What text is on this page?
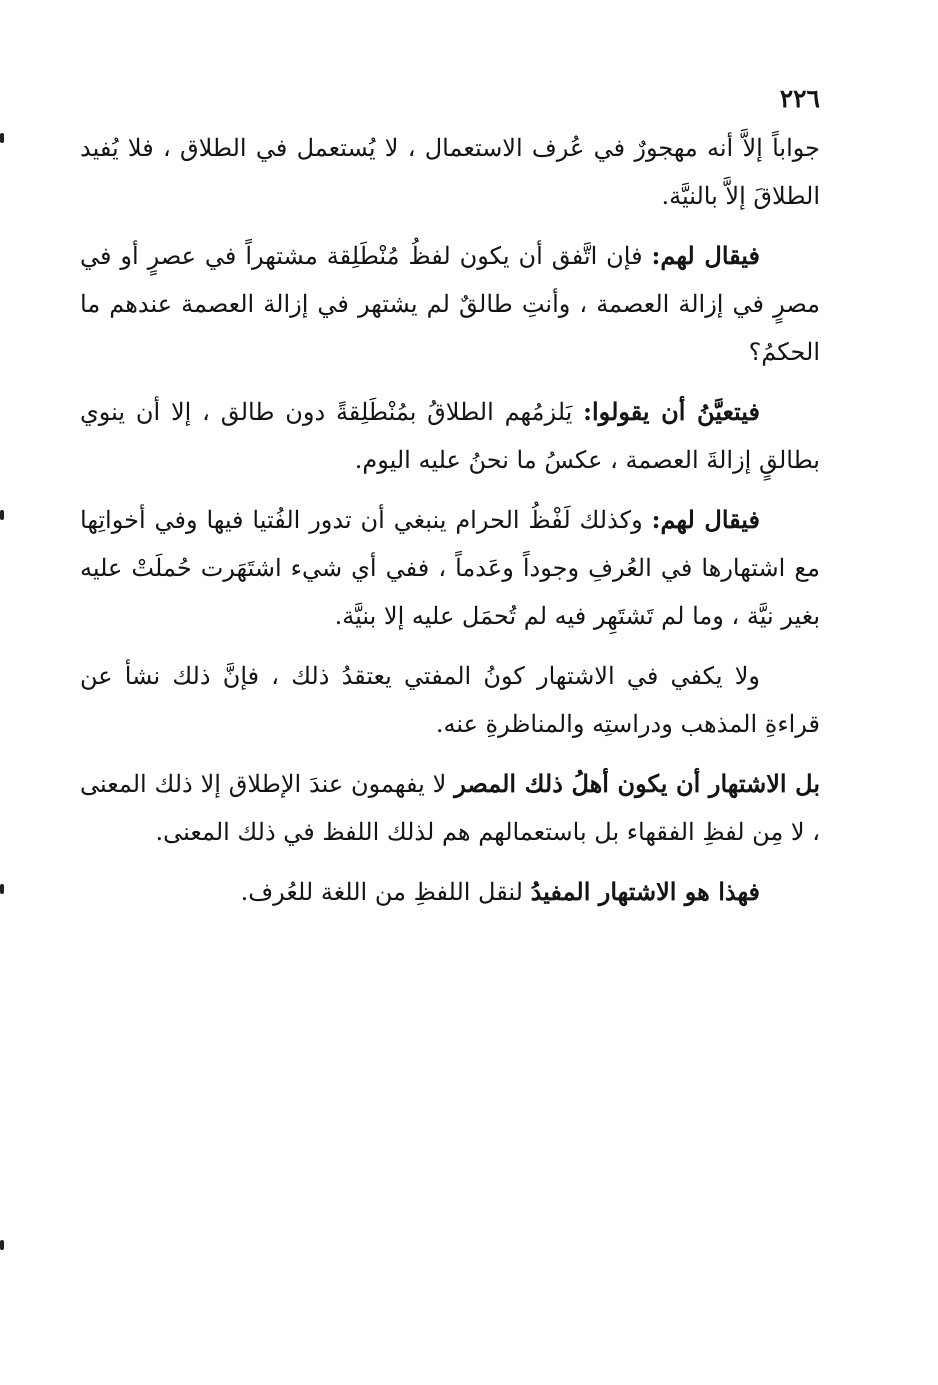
٢٢٦

جواباً إلاَّ أنه مهجورٌ في عُرف الاستعمال ، لا يُستعمل في الطلاق ، فلا يُفيد الطلاقَ إلاَّ بالنيَّة.

فيقال لهم: فإن اتَّفق أن يكون لفظُ مُنْطَلِقة مشتهراً في عصرٍ أو في مصرٍ في إزالة العصمة ، وأنتِ طالقٌ لم يشتهر في إزالة العصمة عندهم ما الحكمُ؟

فيتعيَّنُ أن يقولوا: يَلزمُهم الطلاقُ بمُنْطَلِقةً دون طالق ، إلا أن ينوي بطالقٍ إزالةَ العصمة ، عكسُ ما نحنُ عليه اليوم.

فيقال لهم: وكذلك لَفْظُ الحرام ينبغي أن تدور الفُتيا فيها وفي أخواتِها مع اشتهارها في العُرفِ وجوداً وعَدماً ، ففي أي شيء اشتَهَرت حُملَتْ عليه بغير نيَّة ، وما لم تَشتَهِر فيه لم تُحمَل عليه إلا بنيَّة.

ولا يكفي في الاشتهار كونُ المفتي يعتقدُ ذلك ، فإنَّ ذلك نشأ عن قراءةِ المذهب ودراستِه والمناظرةِ عنه.

بل الاشتهار أن يكون أهلُ ذلك المصر لا يفهمون عندَ الإطلاق إلا ذلك المعنى ، لا مِن لفظِ الفقهاء بل باستعمالهم هم لذلك اللفظ في ذلك المعنى.

فهذا هو الاشتهار المفيدُ لنقل اللفظِ من اللغة للعُرف.
